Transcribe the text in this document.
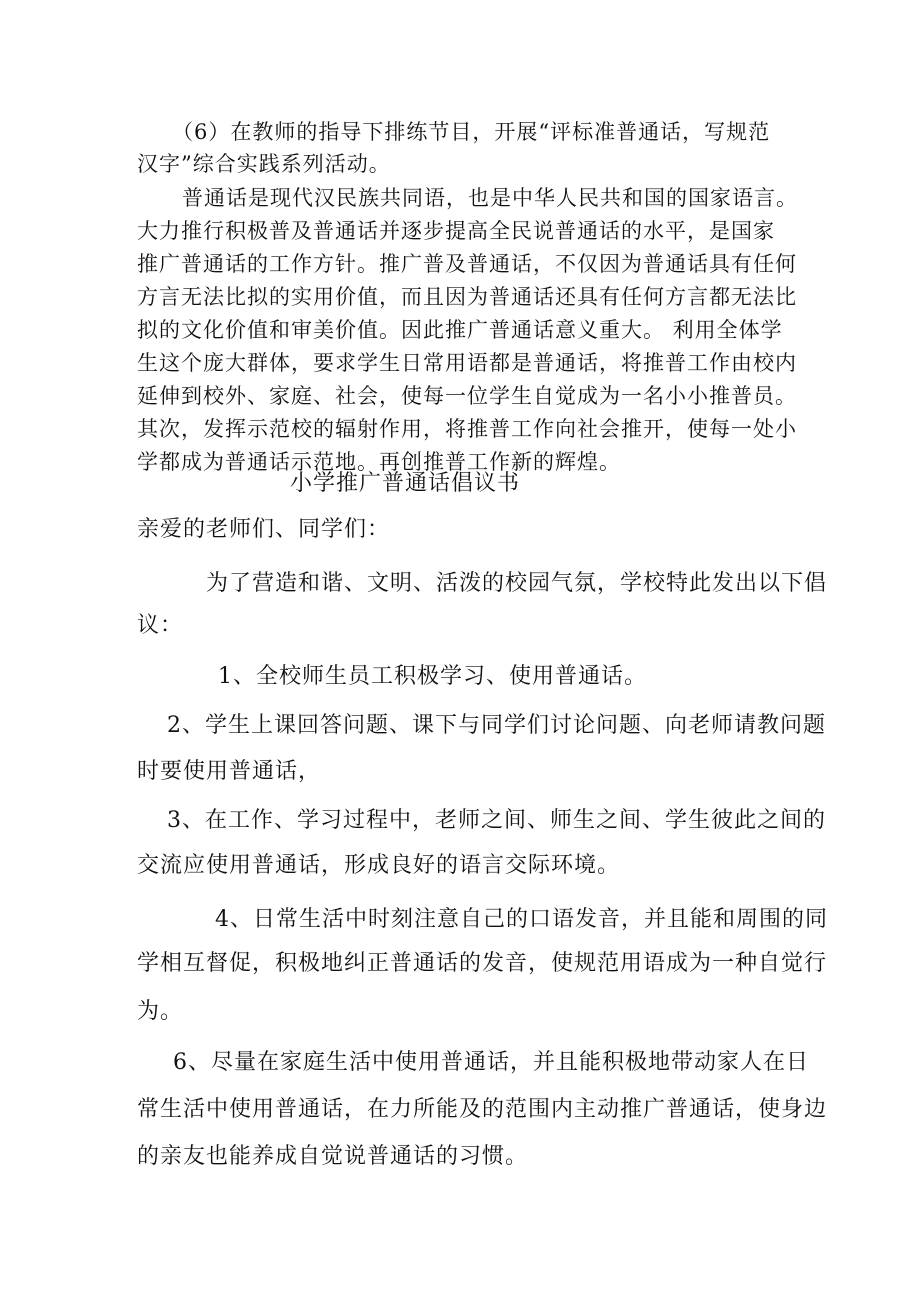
（6）在教师的指导下排练节目，开展“评标准普通话，写规范

汉字”综合实践系列活动。

普通话是现代汉民族共同语，也是中华人民共和国的国家语言。

大力推行积极普及普通话并逐步提高全民说普通话的水平，是国家

推广普通话的工作方针。推广普及普通话，不仅因为普通话具有任何

方言无法比拟的实用价值，而且因为普通话还具有任何方言都无法比

拟的文化价值和审美价值。因此推广普通话意义重大。 利用全体学

生这个庞大群体，要求学生日常用语都是普通话，将推普工作由校内

延伸到校外、家庭、社会，使每一位学生自觉成为一名小小推普员。

其次，发挥示范校的辐射作用，将推普工作向社会推开，使每一处小

学都成为普通话示范地。再创推普工作新的辉煌。

小学推广普通话倡议书

亲爱的老师们、同学们：

为了营造和谐、文明、活泼的校园气氛，学校特此发出以下倡

议：

1、全校师生员工积极学习、使用普通话。

2、学生上课回答问题、课下与同学们讨论问题、向老师请教问题

时要使用普通话，

3、在工作、学习过程中，老师之间、师生之间、学生彼此之间的

交流应使用普通话，形成良好的语言交际环境。

4、日常生活中时刻注意自己的口语发音，并且能和周围的同

学相互督促，积极地纠正普通话的发音，使规范用语成为一种自觉行

为。

6、尽量在家庭生活中使用普通话，并且能积极地带动家人在日

常生活中使用普通话，在力所能及的范围内主动推广普通话，使身边

的亲友也能养成自觉说普通话的习惯。
